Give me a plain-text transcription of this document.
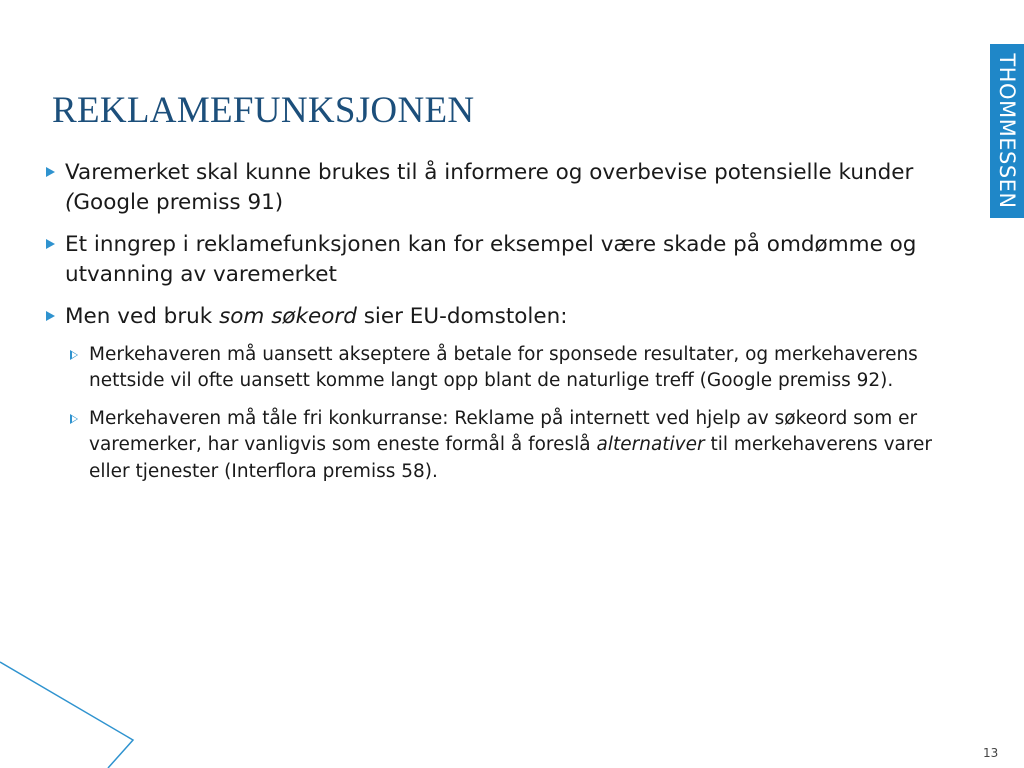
THOMMESSEN
REKLAMEFUNKSJONEN
Varemerket skal kunne brukes til å informere og overbevise potensielle kunder (Google premiss 91)
Et inngrep i reklamefunksjonen kan for eksempel være skade på omdømme og utvanning av varemerket
Men ved bruk som søkeord sier EU-domstolen:
Merkehaveren må uansett akseptere å betale for sponsede resultater, og merkehaverens nettside vil ofte uansett komme langt opp blant de naturlige treff (Google premiss 92).
Merkehaveren må tåle fri konkurranse: Reklame på internett ved hjelp av søkeord som er varemerker, har vanligvis som eneste formål å foreslå alternativer til merkehaverens varer eller tjenester (Interflora premiss 58).
13
